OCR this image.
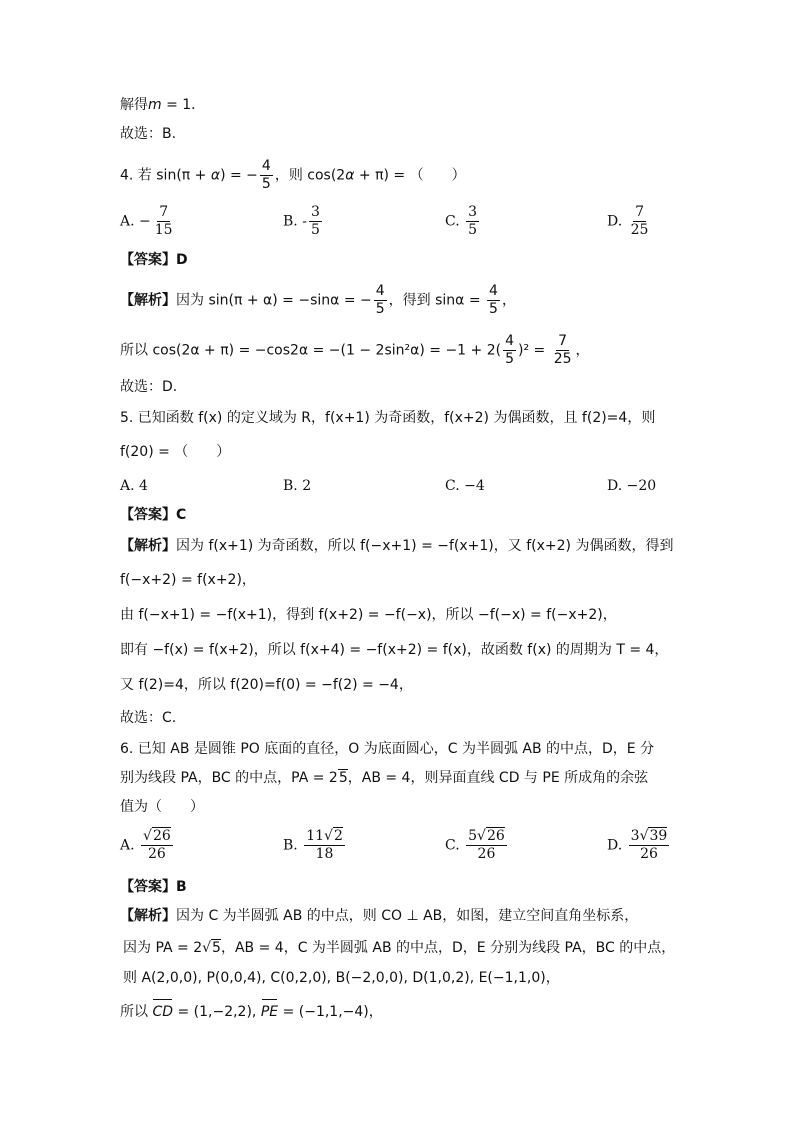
解得m = 1．
故选：B.
4. 若 sin(π + α) = − $\frac{4}{5}$ ，则 cos(2α + π) = （　　）
A. − $\frac{7}{15}$	B. - $\frac{3}{5}$	C. $\frac{3}{5}$	D. $\frac{7}{25}$
【答案】D
【解析】因为 sin(π + α) = −sinα = − $\frac{4}{5}$ ，得到 $\sin\alpha = \frac{4}{5}$ ，
所以 $\cos(2\alpha + \pi) = -\cos 2\alpha = -(1 - 2\sin^2\alpha) = -1 + 2( \frac{4}{5} )^2 = \frac{7}{25}$ ，
故选：D.
5. 已知函数 f(x) 的定义域为 R，f(x+1) 为奇函数，f(x+2) 为偶函数，且 f(2)=4，则
f(20) = （　　）
A. 4	B. 2	C. −4	D. −20
【答案】C
【解析】因为 f(x+1) 为奇函数，所以 f(−x+1) = −f(x+1)，又 f(x+2) 为偶函数，得到
f(−x+2) = f(x+2)，
由 f(−x+1) = −f(x+1)，得到 f(x+2) = −f(−x)，所以 −f(−x) = f(−x+2)，
即有 −f(x) = f(x+2)，所以 f(x+4) = −f(x+2) = f(x)，故函数 f(x) 的周期为 T = 4，
又 f(2)=4，所以 f(20)=f(0) = −f(2) = −4，
故选：C.
6. 已知 AB 是圆锥 PO 底面的直径，O 为底面圆心，C 为半圆弧 AB 的中点，D，E 分
别为线段 PA，BC 的中点，PA = 25，AB = 4，则异面直线 CD 与 PE 所成角的余弦
值为（　　）
A. $\frac{√26}{26}$	B. $\frac{11√2}{18}$	C. $\frac{5√26}{26}$	D. $\frac{3√39}{26}$
【答案】B
【解析】因为 C 为半圆弧 AB 的中点，则 CO ⊥ AB，如图，建立空间直角坐标系，
因为 PA = 2√5，AB = 4，C 为半圆弧 AB 的中点，D，E 分别为线段 PA，BC 的中点，
则 A(2,0,0), P(0,0,4), C(0,2,0), B(−2,0,0), D(1,0,2), E(−1,1,0)，
所以 CD = (1,−2,2), PE = (−1,1,−4)，
